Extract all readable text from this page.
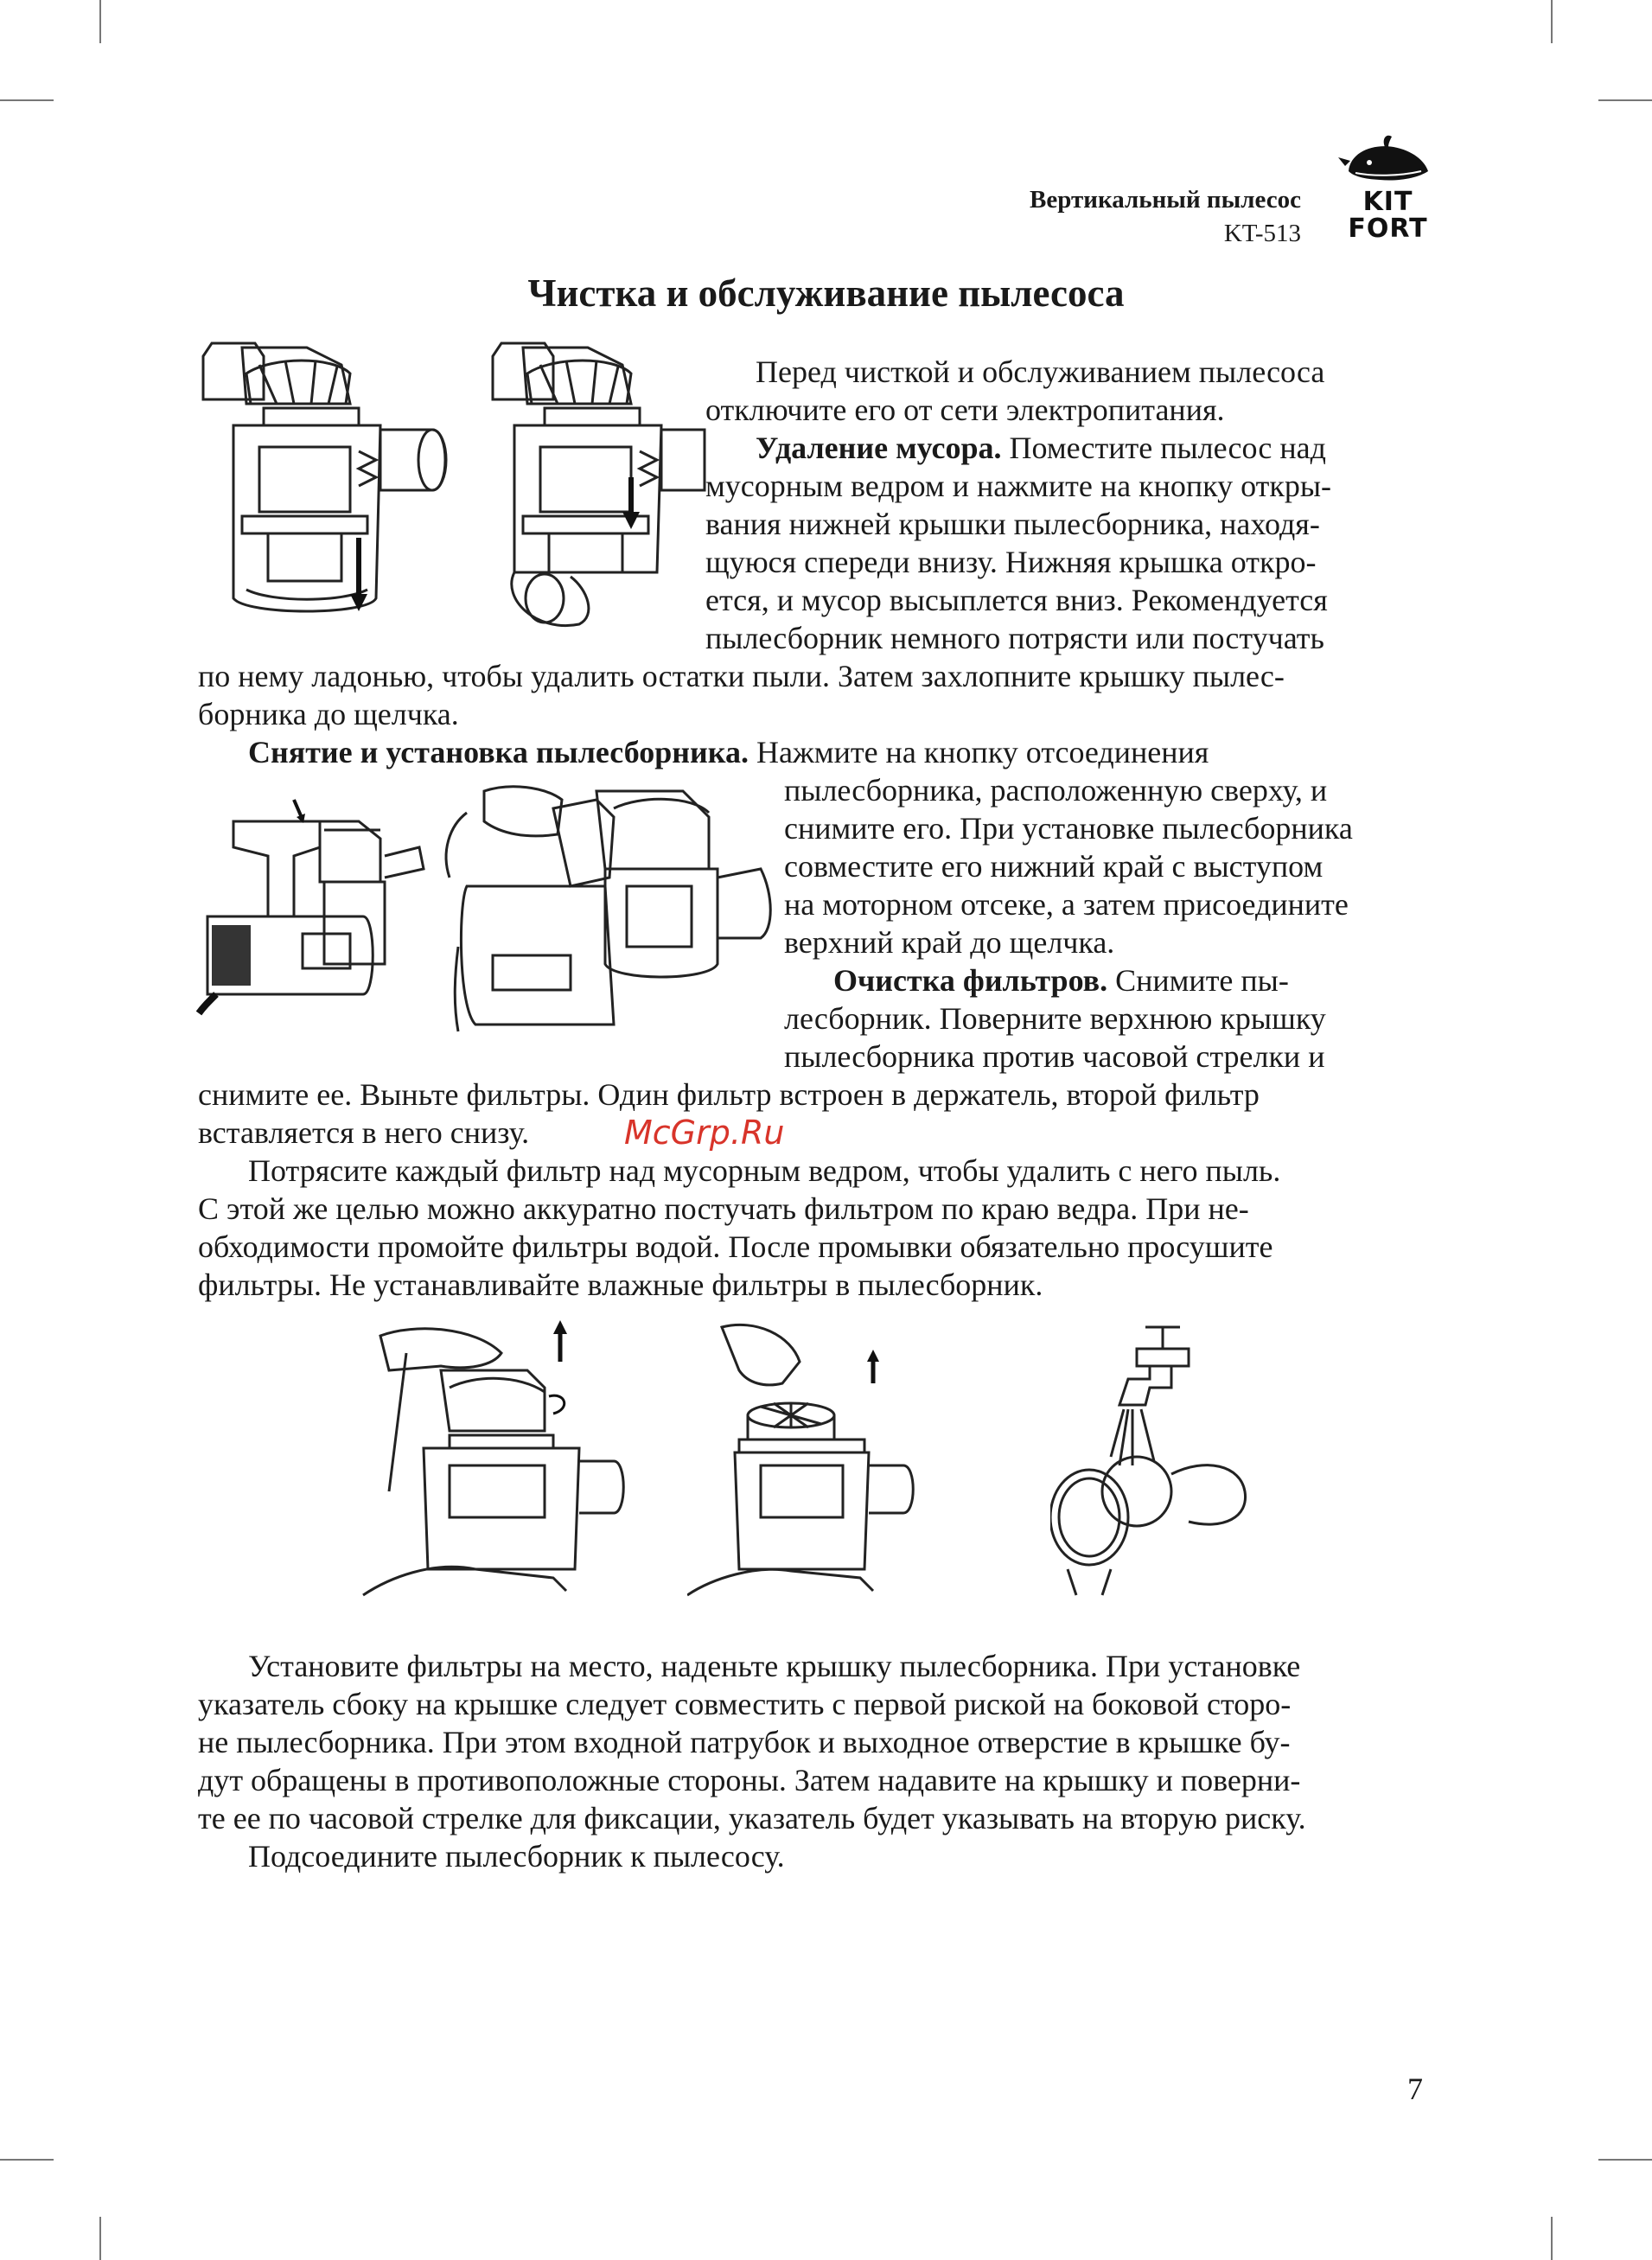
Вертикальный пылесос
KT-513
KIT
FORT
Чистка и обслуживание пылесоса

Перед чисткой и обслуживанием пылесоса

отключите его от сети электропитания.

Удаление мусора. Поместите пылесос над

мусорным ведром и нажмите на кнопку откры-

вания нижней крышки пылесборника, находя-

щуюся спереди внизу. Нижняя крышка откро-

ется, и мусор высыплется вниз. Рекомендуется

пылесборник немного потрясти или постучать

по нему ладонью, чтобы удалить остатки пыли. Затем захлопните крышку пылес-

борника до щелчка.

Снятие и установка пылесборника. Нажмите на кнопку отсоединения

пылесборника, расположенную сверху, и

снимите его. При установке пылесборника

совместите его нижний край с выступом

на моторном отсеке, а затем присоедините

верхний край до щелчка.

Очистка фильтров. Снимите пы-

лесборник. Поверните верхнюю крышку

пылесборника против часовой стрелки и

снимите ее. Выньте фильтры. Один фильтр встроен в держатель, второй фильтр

вставляется в него снизу.	McGrp.Ru

Потрясите каждый фильтр над мусорным ведром, чтобы удалить с него пыль.

С этой же целью можно аккуратно постучать фильтром по краю ведра. При не-

обходимости промойте фильтры водой. После промывки обязательно просушите

фильтры. Не устанавливайте влажные фильтры в пылесборник.

Установите фильтры на место, наденьте крышку пылесборника. При установке

указатель сбоку на крышке следует совместить с первой риской на боковой сторо-

не пылесборника. При этом входной патрубок и выходное отверстие в крышке бу-

дут обращены в противоположные стороны. Затем надавите на крышку и поверни-

те ее по часовой стрелке для фиксации, указатель будет указывать на вторую риску.

Подсоедините пылесборник к пылесосу.

7
